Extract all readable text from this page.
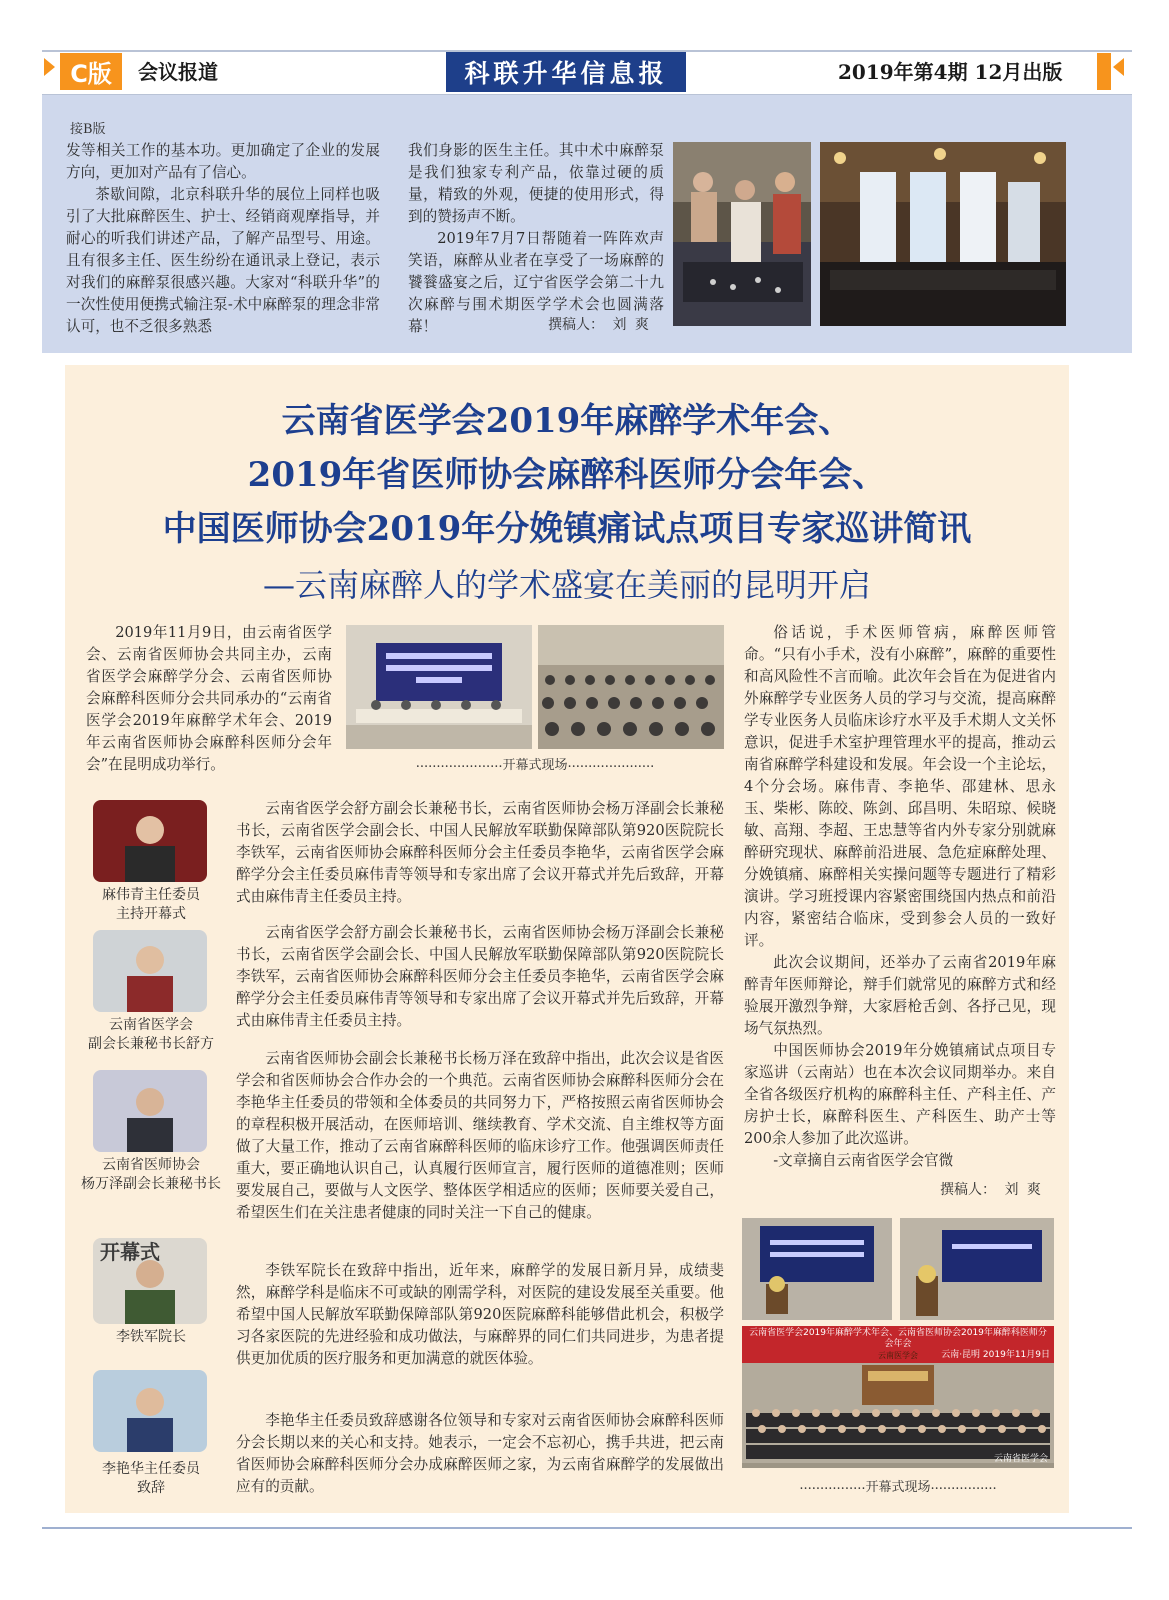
C版	会议报道	科联升华信息报	2019年第4期 12月出版
接B版

发等相关工作的基本功。更加确定了企业的发展方向，更加对产品有了信心。

茶歇间隙，北京科联升华的展位上同样也吸引了大批麻醉医生、护士、经销商观摩指导，并耐心的听我们讲述产品，了解产品型号、用途。且有很多主任、医生纷纷在通讯录上登记，表示对我们的麻醉泵很感兴趣。大家对“科联升华”的一次性使用便携式输注泵-术中麻醉泵的理念非常认可，也不乏很多熟悉

我们身影的医生主任。其中术中麻醉泵是我们独家专利产品，依靠过硬的质量，精致的外观，便捷的使用形式，得到的赞扬声不断。

2019年7月7日帮随着一阵阵欢声笑语，麻醉从业者在享受了一场麻醉的饕餮盛宴之后，辽宁省医学会第二十九次麻醉与围术期医学学术会也圆满落幕！	撰稿人： 刘 爽
云南省医学会2019年麻醉学术年会、
2019年省医师协会麻醉科医师分会年会、
中国医师协会2019年分娩镇痛试点项目专家巡讲简讯
—云南麻醉人的学术盛宴在美丽的昆明开启
2019年11月9日，由云南省医学会、云南省医师协会共同主办，云南省医学会麻醉学分会、云南省医师协会麻醉科医师分会共同承办的“云南省医学会2019年麻醉学术年会、2019年云南省医师协会麻醉科医师分会年会”在昆明成功举行。	..................... 开幕式现场 .....................
麻伟青主任委员
主持开幕式
云南省医学会
副会长兼秘书长舒方
云南省医师协会
杨万泽副会长兼秘书长
开幕式
李铁军院长
李艳华主任委员
致辞
云南省医学会舒方副会长兼秘书长，云南省医师协会杨万泽副会长兼秘书长，云南省医学会副会长、中国人民解放军联勤保障部队第920医院院长李铁军，云南省医师协会麻醉科医师分会主任委员李艳华，云南省医学会麻醉学分会主任委员麻伟青等领导和专家出席了会议开幕式并先后致辞，开幕式由麻伟青主任委员主持。
云南省医学会舒方副会长兼秘书长，云南省医师协会杨万泽副会长兼秘书长，云南省医学会副会长、中国人民解放军联勤保障部队第920医院院长李铁军，云南省医师协会麻醉科医师分会主任委员李艳华，云南省医学会麻醉学分会主任委员麻伟青等领导和专家出席了会议开幕式并先后致辞，开幕式由麻伟青主任委员主持。
云南省医师协会副会长兼秘书长杨万泽在致辞中指出，此次会议是省医学会和省医师协会合作办会的一个典范。云南省医师协会麻醉科医师分会在李艳华主任委员的带领和全体委员的共同努力下，严格按照云南省医师协会的章程积极开展活动，在医师培训、继续教育、学术交流、自主维权等方面做了大量工作，推动了云南省麻醉科医师的临床诊疗工作。他强调医师责任重大，要正确地认识自己，认真履行医师宣言，履行医师的道德准则；医师要发展自己，要做与人文医学、整体医学相适应的医师；医师要关爱自己，希望医生们在关注患者健康的同时关注一下自己的健康。
李铁军院长在致辞中指出，近年来，麻醉学的发展日新月异，成绩斐然，麻醉学科是临床不可或缺的刚需学科，对医院的建设发展至关重要。他希望中国人民解放军联勤保障部队第920医院麻醉科能够借此机会，积极学习各家医院的先进经验和成功做法，与麻醉界的同仁们共同进步，为患者提供更加优质的医疗服务和更加满意的就医体验。
李艳华主任委员致辞感谢各位领导和专家对云南省医师协会麻醉科医师分会长期以来的关心和支持。她表示，一定会不忘初心，携手共进，把云南省医师协会麻醉科医师分会办成麻醉医师之家，为云南省麻醉学的发展做出应有的贡献。

俗话说，手术医师管病，麻醉医师管命。“只有小手术，没有小麻醉”，麻醉的重要性和高风险性不言而喻。此次年会旨在为促进省内外麻醉学专业医务人员的学习与交流，提高麻醉学专业医务人员临床诊疗水平及手术期人文关怀意识，促进手术室护理管理水平的提高，推动云南省麻醉学科建设和发展。年会设一个主论坛，4个分会场。麻伟青、李艳华、邵建林、思永玉、柴彬、陈皎、陈剑、邱昌明、朱昭琼、候晓敏、高翔、李超、王忠慧等省内外专家分别就麻醉研究现状、麻醉前沿进展、急危症麻醉处理、分娩镇痛、麻醉相关实操问题等专题进行了精彩演讲。学习班授课内容紧密围绕国内热点和前沿内容，紧密结合临床，受到参会人员的一致好评。

此次会议期间，还举办了云南省2019年麻醉青年医师辩论，辩手们就常见的麻醉方式和经验展开激烈争辩，大家唇枪舌剑、各抒己见，现场气氛热烈。

中国医师协会2019年分娩镇痛试点项目专家巡讲（云南站）也在本次会议同期举办。来自全省各级医疗机构的麻醉科主任、产科主任、产房护士长，麻醉科医生、产科医生、助产士等200余人参加了此次巡讲。

-文章摘自云南省医学会官微

撰稿人： 刘 爽
云南省医学会2019年麻醉学术年会、云南省医师协会2019年麻醉科医师分会年会
云南·昆明 2019年11月9日
云南医学会
云南省医学会
................ 开幕式现场 ................
